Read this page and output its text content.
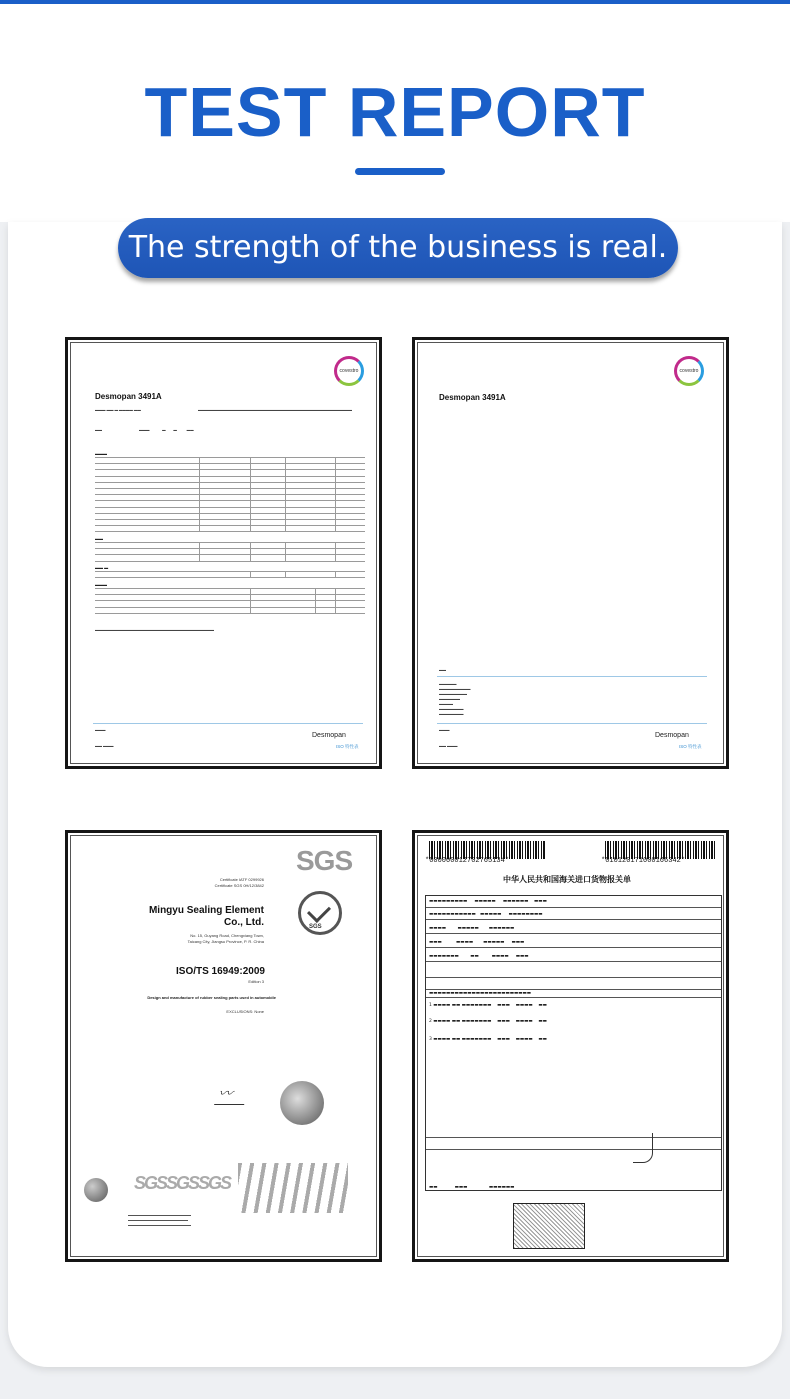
TEST REPORT
The strength of the business is real.
covestro
Desmopan 3491A
▬▬▬ ▬▬ ▬ ▬▬▬▬ ▬▬	▬▬▬▬▬▬▬▬▬▬▬▬▬▬▬▬▬▬▬▬▬▬▬▬▬▬▬▬▬▬▬▬▬▬▬▬▬▬▬▬▬▬▬▬
▬▬                                      ▬▬▬             ▬        ▬          ▬▬
▬▬▬
▬▬
▬▬ ▬
▬▬▬
▬▬▬▬▬▬▬▬▬▬▬▬▬▬▬▬▬▬▬▬▬▬▬▬▬▬▬▬▬▬▬▬▬▬
▬▬▬
Desmopan
ISO 特性表
▬▬ ▬▬▬
covestro
Desmopan 3491A
▬▬
▬▬▬▬▬
▬▬▬▬▬▬▬▬▬
▬▬▬▬▬▬▬▬
▬▬▬▬▬▬
▬▬▬▬
▬▬▬▬▬▬▬
▬▬▬▬▬▬▬
▬▬▬
Desmopan
ISO 特性表
▬▬ ▬▬▬
SGS
Certificate IATF 0299926
Certificate SGS 0H/12/3842
Mingyu Sealing Element Co., Ltd.
No. 15, Guyang Road, Chengxiang Town,
Taicang City, Jiangsu Province, P. R. China
ISO/TS 16949:2009
Edition 3
Design and manufacture of rubber sealing parts used in automobile
EXCLUSIONS: None
SGS
〰
SGSSGSSGS
▬▬▬▬▬▬▬▬▬▬▬▬▬▬▬▬▬▬▬▬▬
▬▬▬▬▬▬▬▬▬▬▬▬▬▬▬▬▬▬▬▬
▬▬▬▬▬▬▬▬▬▬▬▬▬▬▬▬▬▬▬▬▬
*000000012702765134*	*010120171000166342*
中华人民共和国海关进口货物报关单
▬▬▬▬▬▬▬▬▬     ▬▬▬▬▬     ▬▬▬▬▬▬    ▬▬▬
▬▬▬▬▬▬▬▬▬▬▬   ▬▬▬▬▬     ▬▬▬▬▬▬▬▬
▬▬▬▬        ▬▬▬▬▬       ▬▬▬▬▬▬
▬▬▬          ▬▬▬▬       ▬▬▬▬▬     ▬▬▬
▬▬▬▬▬▬▬        ▬▬         ▬▬▬▬     ▬▬▬
▬▬▬▬▬▬▬▬▬▬▬▬▬▬▬▬▬▬▬▬▬▬▬▬
1 ▬▬▬▬ ▬▬ ▬▬▬▬▬▬▬    ▬▬▬    ▬▬▬▬    ▬▬
2 ▬▬▬▬ ▬▬ ▬▬▬▬▬▬▬    ▬▬▬    ▬▬▬▬    ▬▬
3 ▬▬▬▬ ▬▬ ▬▬▬▬▬▬▬    ▬▬▬    ▬▬▬▬    ▬▬
▬▬            ▬▬▬               ▬▬▬▬▬▬
